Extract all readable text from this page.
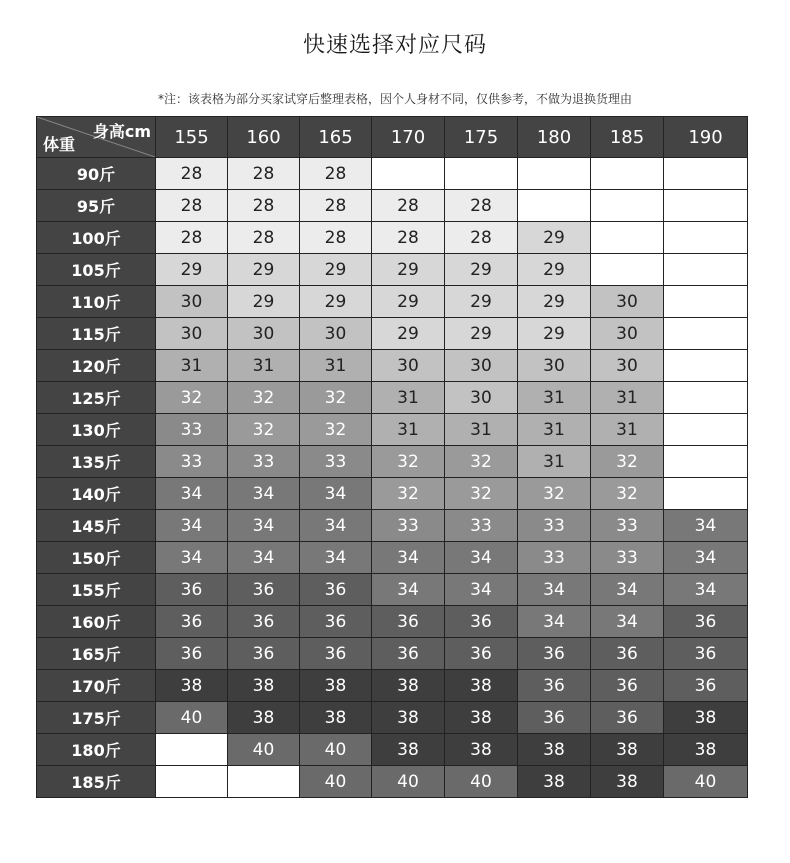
快速选择对应尺码
*注：该表格为部分买家试穿后整理表格，因个人身材不同，仅供参考，不做为退换货理由
身高cm
体重	155	160	165	170	175	180	185	190
90斤	28	28	28					
95斤	28	28	28	28	28			
100斤	28	28	28	28	28	29		
105斤	29	29	29	29	29	29		
110斤	30	29	29	29	29	29	30	
115斤	30	30	30	29	29	29	30	
120斤	31	31	31	30	30	30	30	
125斤	32	32	32	31	30	31	31	
130斤	33	32	32	31	31	31	31	
135斤	33	33	33	32	32	31	32	
140斤	34	34	34	32	32	32	32	
145斤	34	34	34	33	33	33	33	34
150斤	34	34	34	34	34	33	33	34
155斤	36	36	36	34	34	34	34	34
160斤	36	36	36	36	36	34	34	36
165斤	36	36	36	36	36	36	36	36
170斤	38	38	38	38	38	36	36	36
175斤	40	38	38	38	38	36	36	38
180斤		40	40	38	38	38	38	38
185斤			40	40	40	38	38	40
